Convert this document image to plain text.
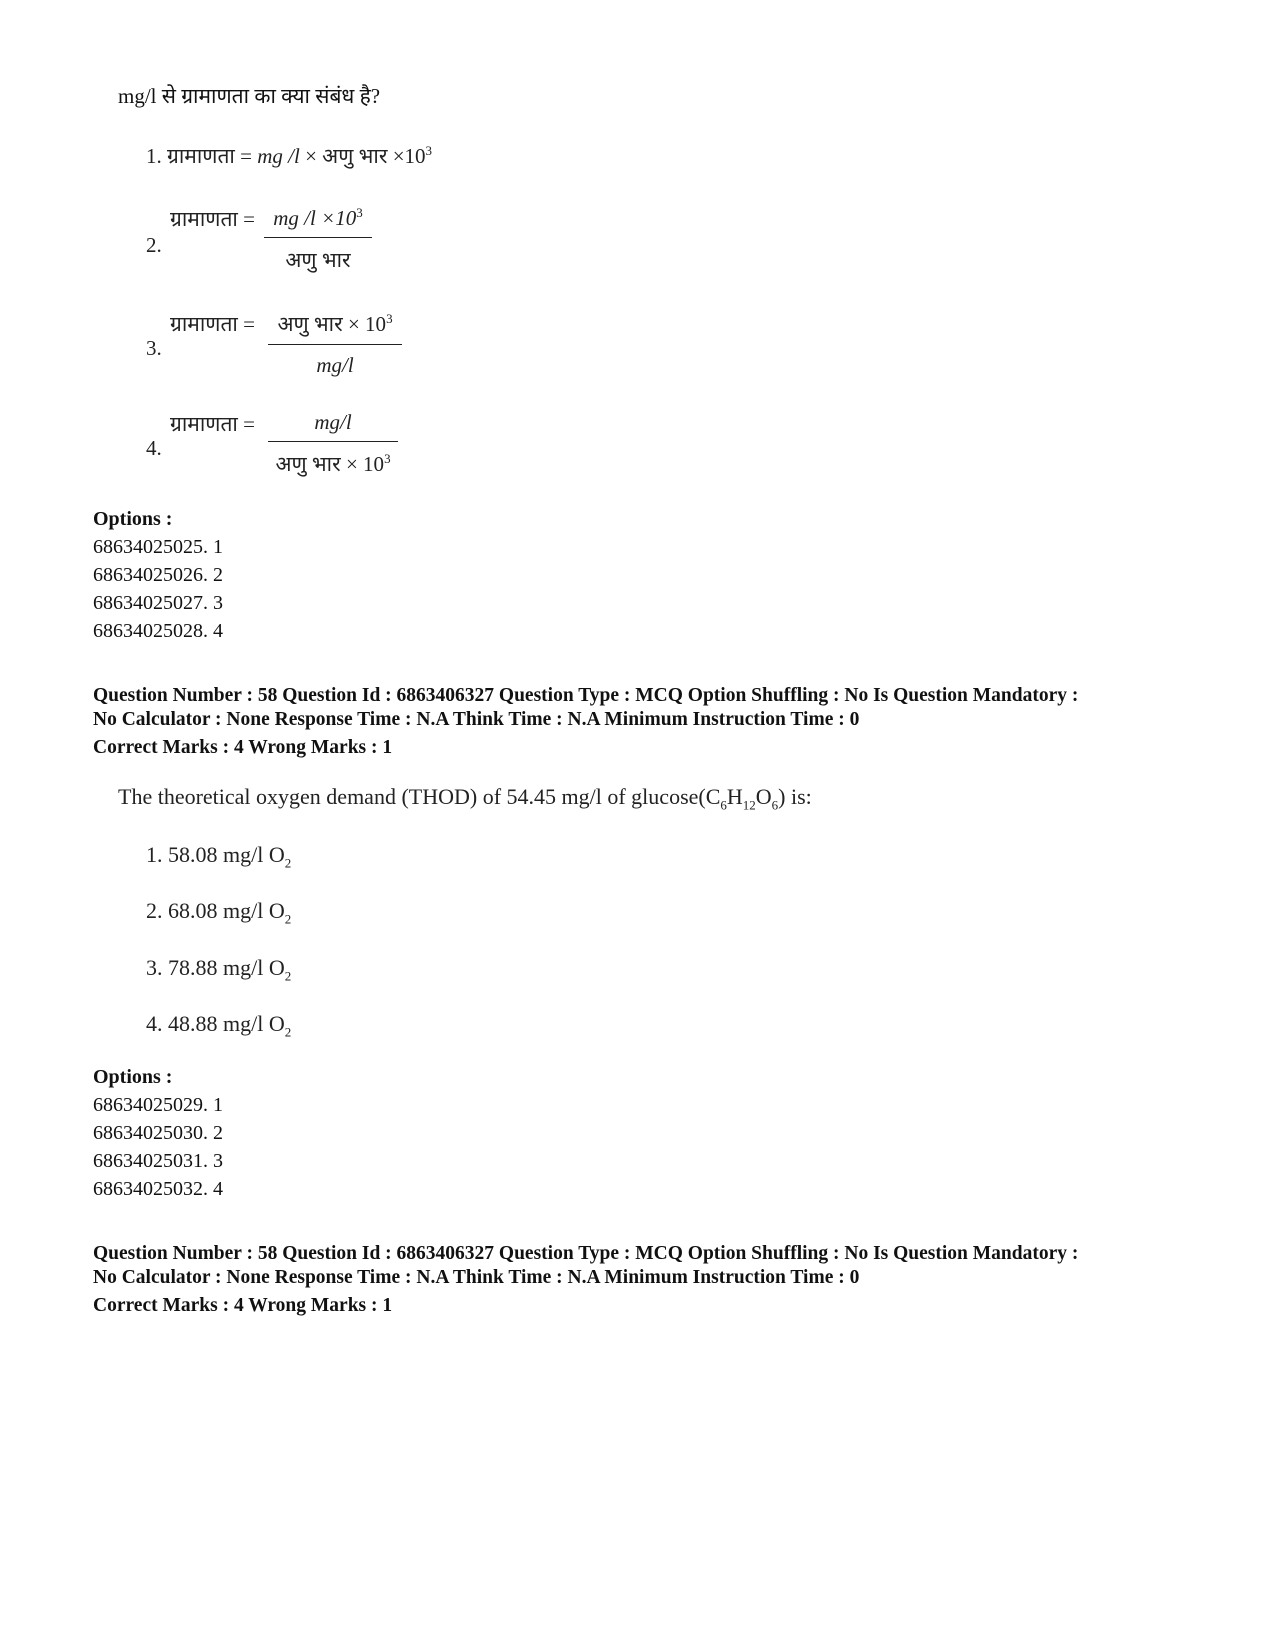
mg/l से ग्रामाणता का क्या संबंध है?
1. ग्रामाणता = mg /l × अणु भार $\times 10^3$
2.
ग्रामाणता = mg $/l \times 10^3$
अणु भार
3.
ग्रामाणता =	अणु भार × $10^3$
mg/l
4.
ग्रामाणता =	mg/l
अणु भार × $10^3$
Options :
68634025025. 1
68634025026. 2
68634025027. 3
68634025028. 4
Question Number : 58 Question Id : 6863406327 Question Type : MCQ Option Shuffling : No Is Question Mandatory :
No Calculator : None Response Time : N.A Think Time : N.A Minimum Instruction Time : 0
Correct Marks : 4 Wrong Marks : 1
The theoretical oxygen demand (THOD) of 54.45 mg/l of $glucose(C_6H_{12}O_6)$ is:
1. 58.08 mg/l $O_2$
2. 68.08 mg/l $O_2$
3. 78.88 mg/l $O_2$
4. 48.88 mg/l $O_2$
Options :
68634025029. 1
68634025030. 2
68634025031. 3
68634025032. 4
Question Number : 58 Question Id : 6863406327 Question Type : MCQ Option Shuffling : No Is Question Mandatory :
No Calculator : None Response Time : N.A Think Time : N.A Minimum Instruction Time : 0
Correct Marks : 4 Wrong Marks : 1
